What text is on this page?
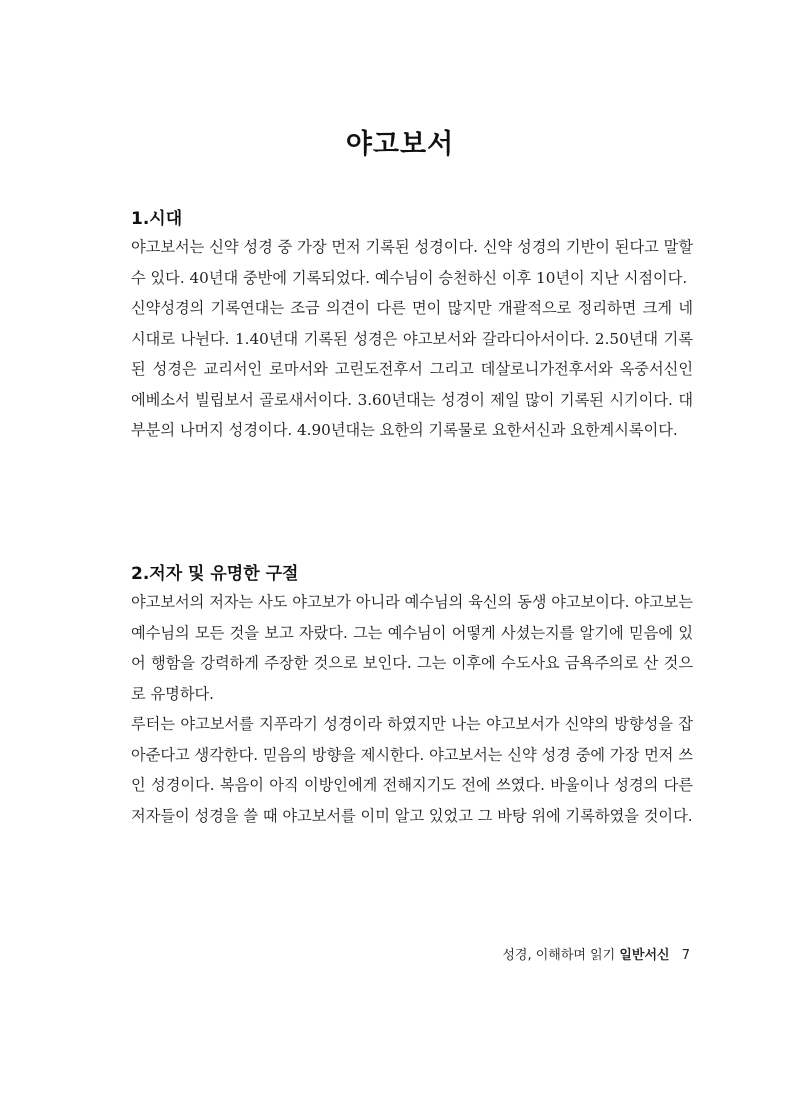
야고보서
1.시대

야고보서는 신약 성경 중 가장 먼저 기록된 성경이다. 신약 성경의 기반이 된다고 말할 수 있다. 40년대 중반에 기록되었다. 예수님이 승천하신 이후 10년이 지난 시점이다.

신약성경의 기록연대는 조금 의견이 다른 면이 많지만 개괄적으로 정리하면 크게 네 시대로 나뉜다. 1.40년대 기록된 성경은 야고보서와 갈라디아서이다. 2.50년대 기록된 성경은 교리서인 로마서와 고린도전후서 그리고 데살로니가전후서와 옥중서신인 에베소서 빌립보서 골로새서이다. 3.60년대는 성경이 제일 많이 기록된 시기이다. 대부분의 나머지 성경이다. 4.90년대는 요한의 기록물로 요한서신과 요한계시록이다.

2.저자 및 유명한 구절

야고보서의 저자는 사도 야고보가 아니라 예수님의 육신의 동생 야고보이다. 야고보는 예수님의 모든 것을 보고 자랐다. 그는 예수님이 어떻게 사셨는지를 알기에 믿음에 있어 행함을 강력하게 주장한 것으로 보인다. 그는 이후에 수도사요 금욕주의로 산 것으로 유명하다.

루터는 야고보서를 지푸라기 성경이라 하였지만 나는 야고보서가 신약의 방향성을 잡아준다고 생각한다. 믿음의 방향을 제시한다. 야고보서는 신약 성경 중에 가장 먼저 쓰인 성경이다. 복음이 아직 이방인에게 전해지기도 전에 쓰였다. 바울이나 성경의 다른 저자들이 성경을 쓸 때 야고보서를 이미 알고 있었고 그 바탕 위에 기록하였을 것이다.

성경, 이해하며 읽기 일반서신 7
